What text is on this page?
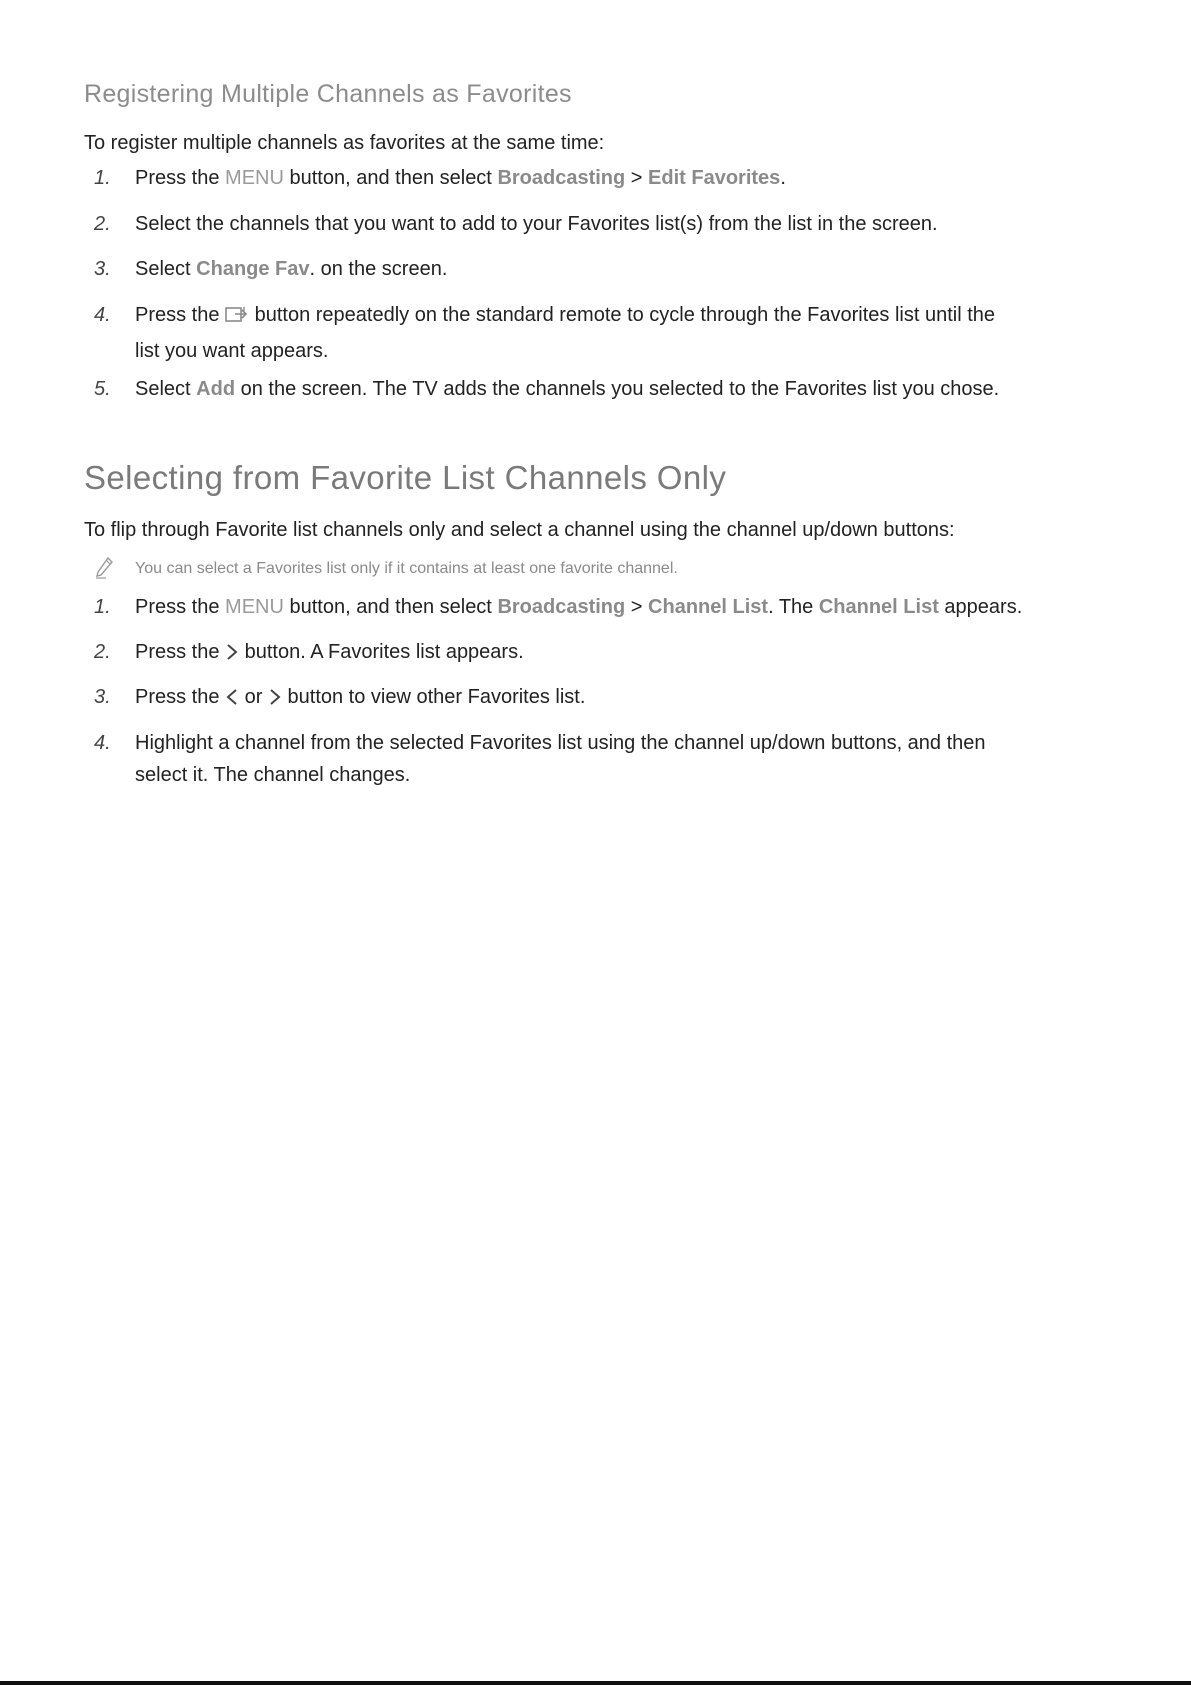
Registering Multiple Channels as Favorites
To register multiple channels as favorites at the same time:
1. Press the MENU button, and then select Broadcasting > Edit Favorites.
2. Select the channels that you want to add to your Favorites list(s) from the list in the screen.
3. Select Change Fav. on the screen.
4. Press the  button repeatedly on the standard remote to cycle through the Favorites list until the
list you want appears.
5. Select Add on the screen. The TV adds the channels you selected to the Favorites list you chose.
Selecting from Favorite List Channels Only
To flip through Favorite list channels only and select a channel using the channel up/down buttons:
You can select a Favorites list only if it contains at least one favorite channel.
1. Press the MENU button, and then select Broadcasting > Channel List. The Channel List appears.
2. Press the  button. A Favorites list appears.
3. Press the  or  button to view other Favorites list.
4. Highlight a channel from the selected Favorites list using the channel up/down buttons, and then
select it. The channel changes.
